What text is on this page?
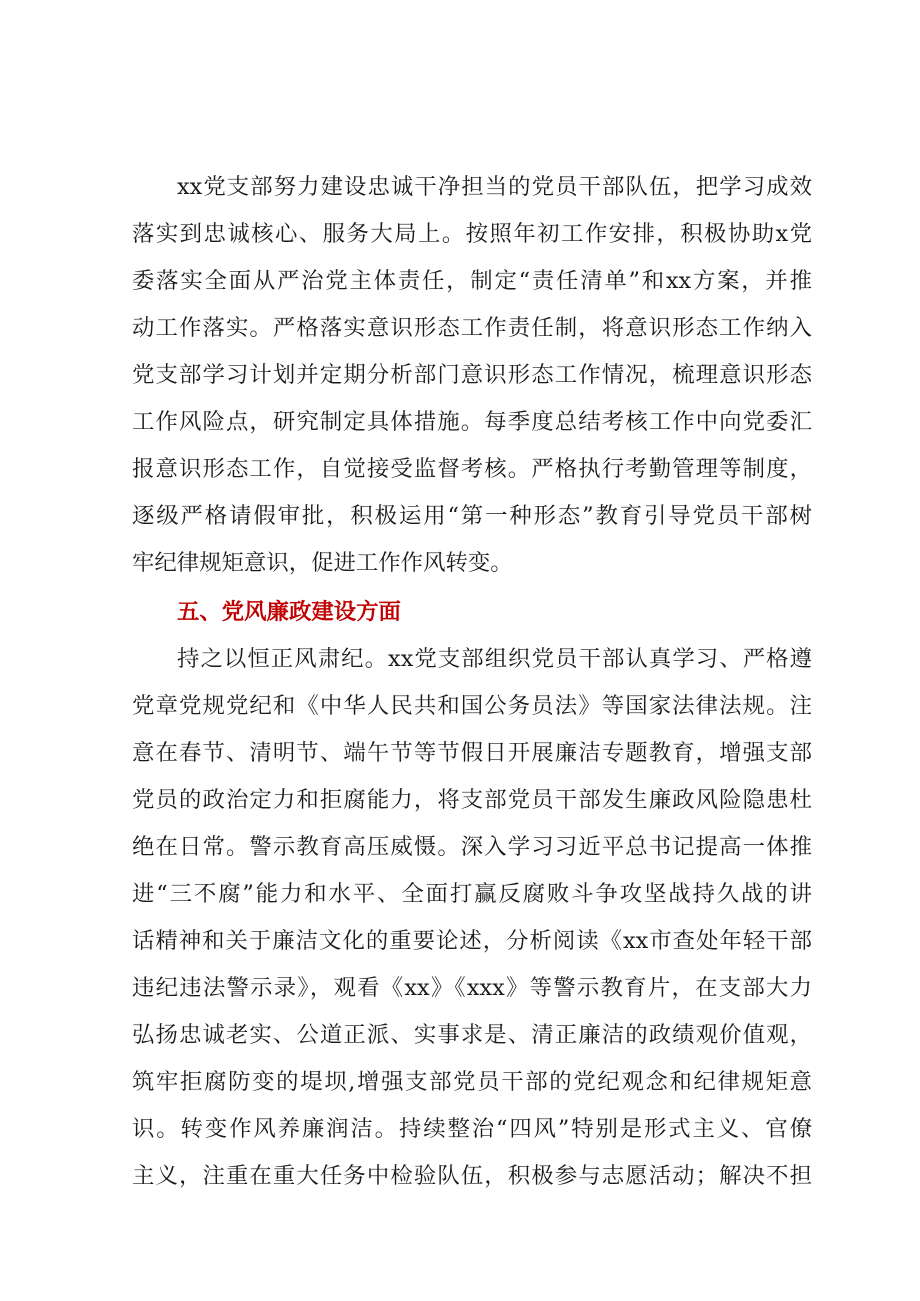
xx党支部努力建设忠诚干净担当的党员干部队伍，把学习成效
落实到忠诚核心、服务大局上。按照年初工作安排，积极协助x党
委落实全面从严治党主体责任，制定“责任清单”和xx方案，并推
动工作落实。严格落实意识形态工作责任制，将意识形态工作纳入
党支部学习计划并定期分析部门意识形态工作情况，梳理意识形态
工作风险点，研究制定具体措施。每季度总结考核工作中向党委汇
报意识形态工作，自觉接受监督考核。严格执行考勤管理等制度，
逐级严格请假审批，积极运用“第一种形态”教育引导党员干部树
牢纪律规矩意识，促进工作作风转变。
五、党风廉政建设方面
持之以恒正风肃纪。xx党支部组织党员干部认真学习、严格遵
党章党规党纪和《中华人民共和国公务员法》等国家法律法规。注
意在春节、清明节、端午节等节假日开展廉洁专题教育，增强支部
党员的政治定力和拒腐能力，将支部党员干部发生廉政风险隐患杜
绝在日常。警示教育高压威慑。深入学习习近平总书记提高一体推
进“三不腐”能力和水平、全面打赢反腐败斗争攻坚战持久战的讲
话精神和关于廉洁文化的重要论述，分析阅读《xx市查处年轻干部
违纪违法警示录》，观看《xx》《xxx》等警示教育片，在支部大力
弘扬忠诚老实、公道正派、实事求是、清正廉洁的政绩观价值观，
筑牢拒腐防变的堤坝,增强支部党员干部的党纪观念和纪律规矩意
识。转变作风养廉润洁。持续整治“四风”特别是形式主义、官僚
主义，注重在重大任务中检验队伍，积极参与志愿活动；解决不担
